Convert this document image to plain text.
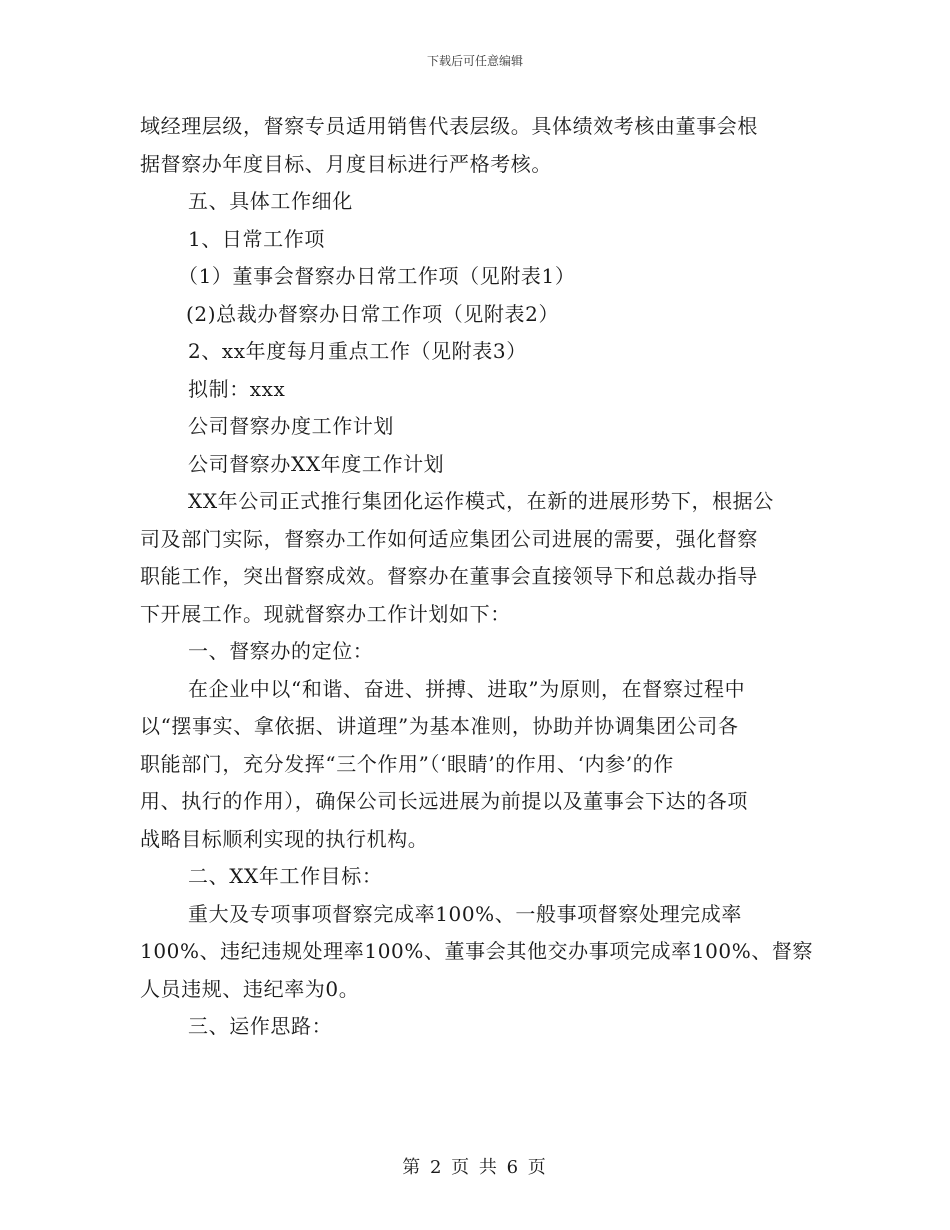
下载后可任意编辑
域经理层级，督察专员适用销售代表层级。具体绩效考核由董事会根
据督察办年度目标、月度目标进行严格考核。
五、具体工作细化
1、日常工作项
（1）董事会督察办日常工作项（见附表1）
(2)总裁办督察办日常工作项（见附表2）
2、xx年度每月重点工作（见附表3）
拟制：xxx
公司督察办度工作计划
公司督察办XX年度工作计划
XX年公司正式推行集团化运作模式，在新的进展形势下，根据公
司及部门实际，督察办工作如何适应集团公司进展的需要，强化督察
职能工作，突出督察成效。督察办在董事会直接领导下和总裁办指导
下开展工作。现就督察办工作计划如下：
一、督察办的定位：
在企业中以“和谐、奋进、拼搏、进取”为原则，在督察过程中
以“摆事实、拿依据、讲道理”为基本准则，协助并协调集团公司各
职能部门，充分发挥“三个作用”（‘眼睛’的作用、‘内参’的作
用、执行的作用），确保公司长远进展为前提以及董事会下达的各项
战略目标顺利实现的执行机构。
二、XX年工作目标：
重大及专项事项督察完成率100%、一般事项督察处理完成率
100%、违纪违规处理率100%、董事会其他交办事项完成率100%、督察
人员违规、违纪率为0。
三、运作思路：
第 2 页 共 6 页
